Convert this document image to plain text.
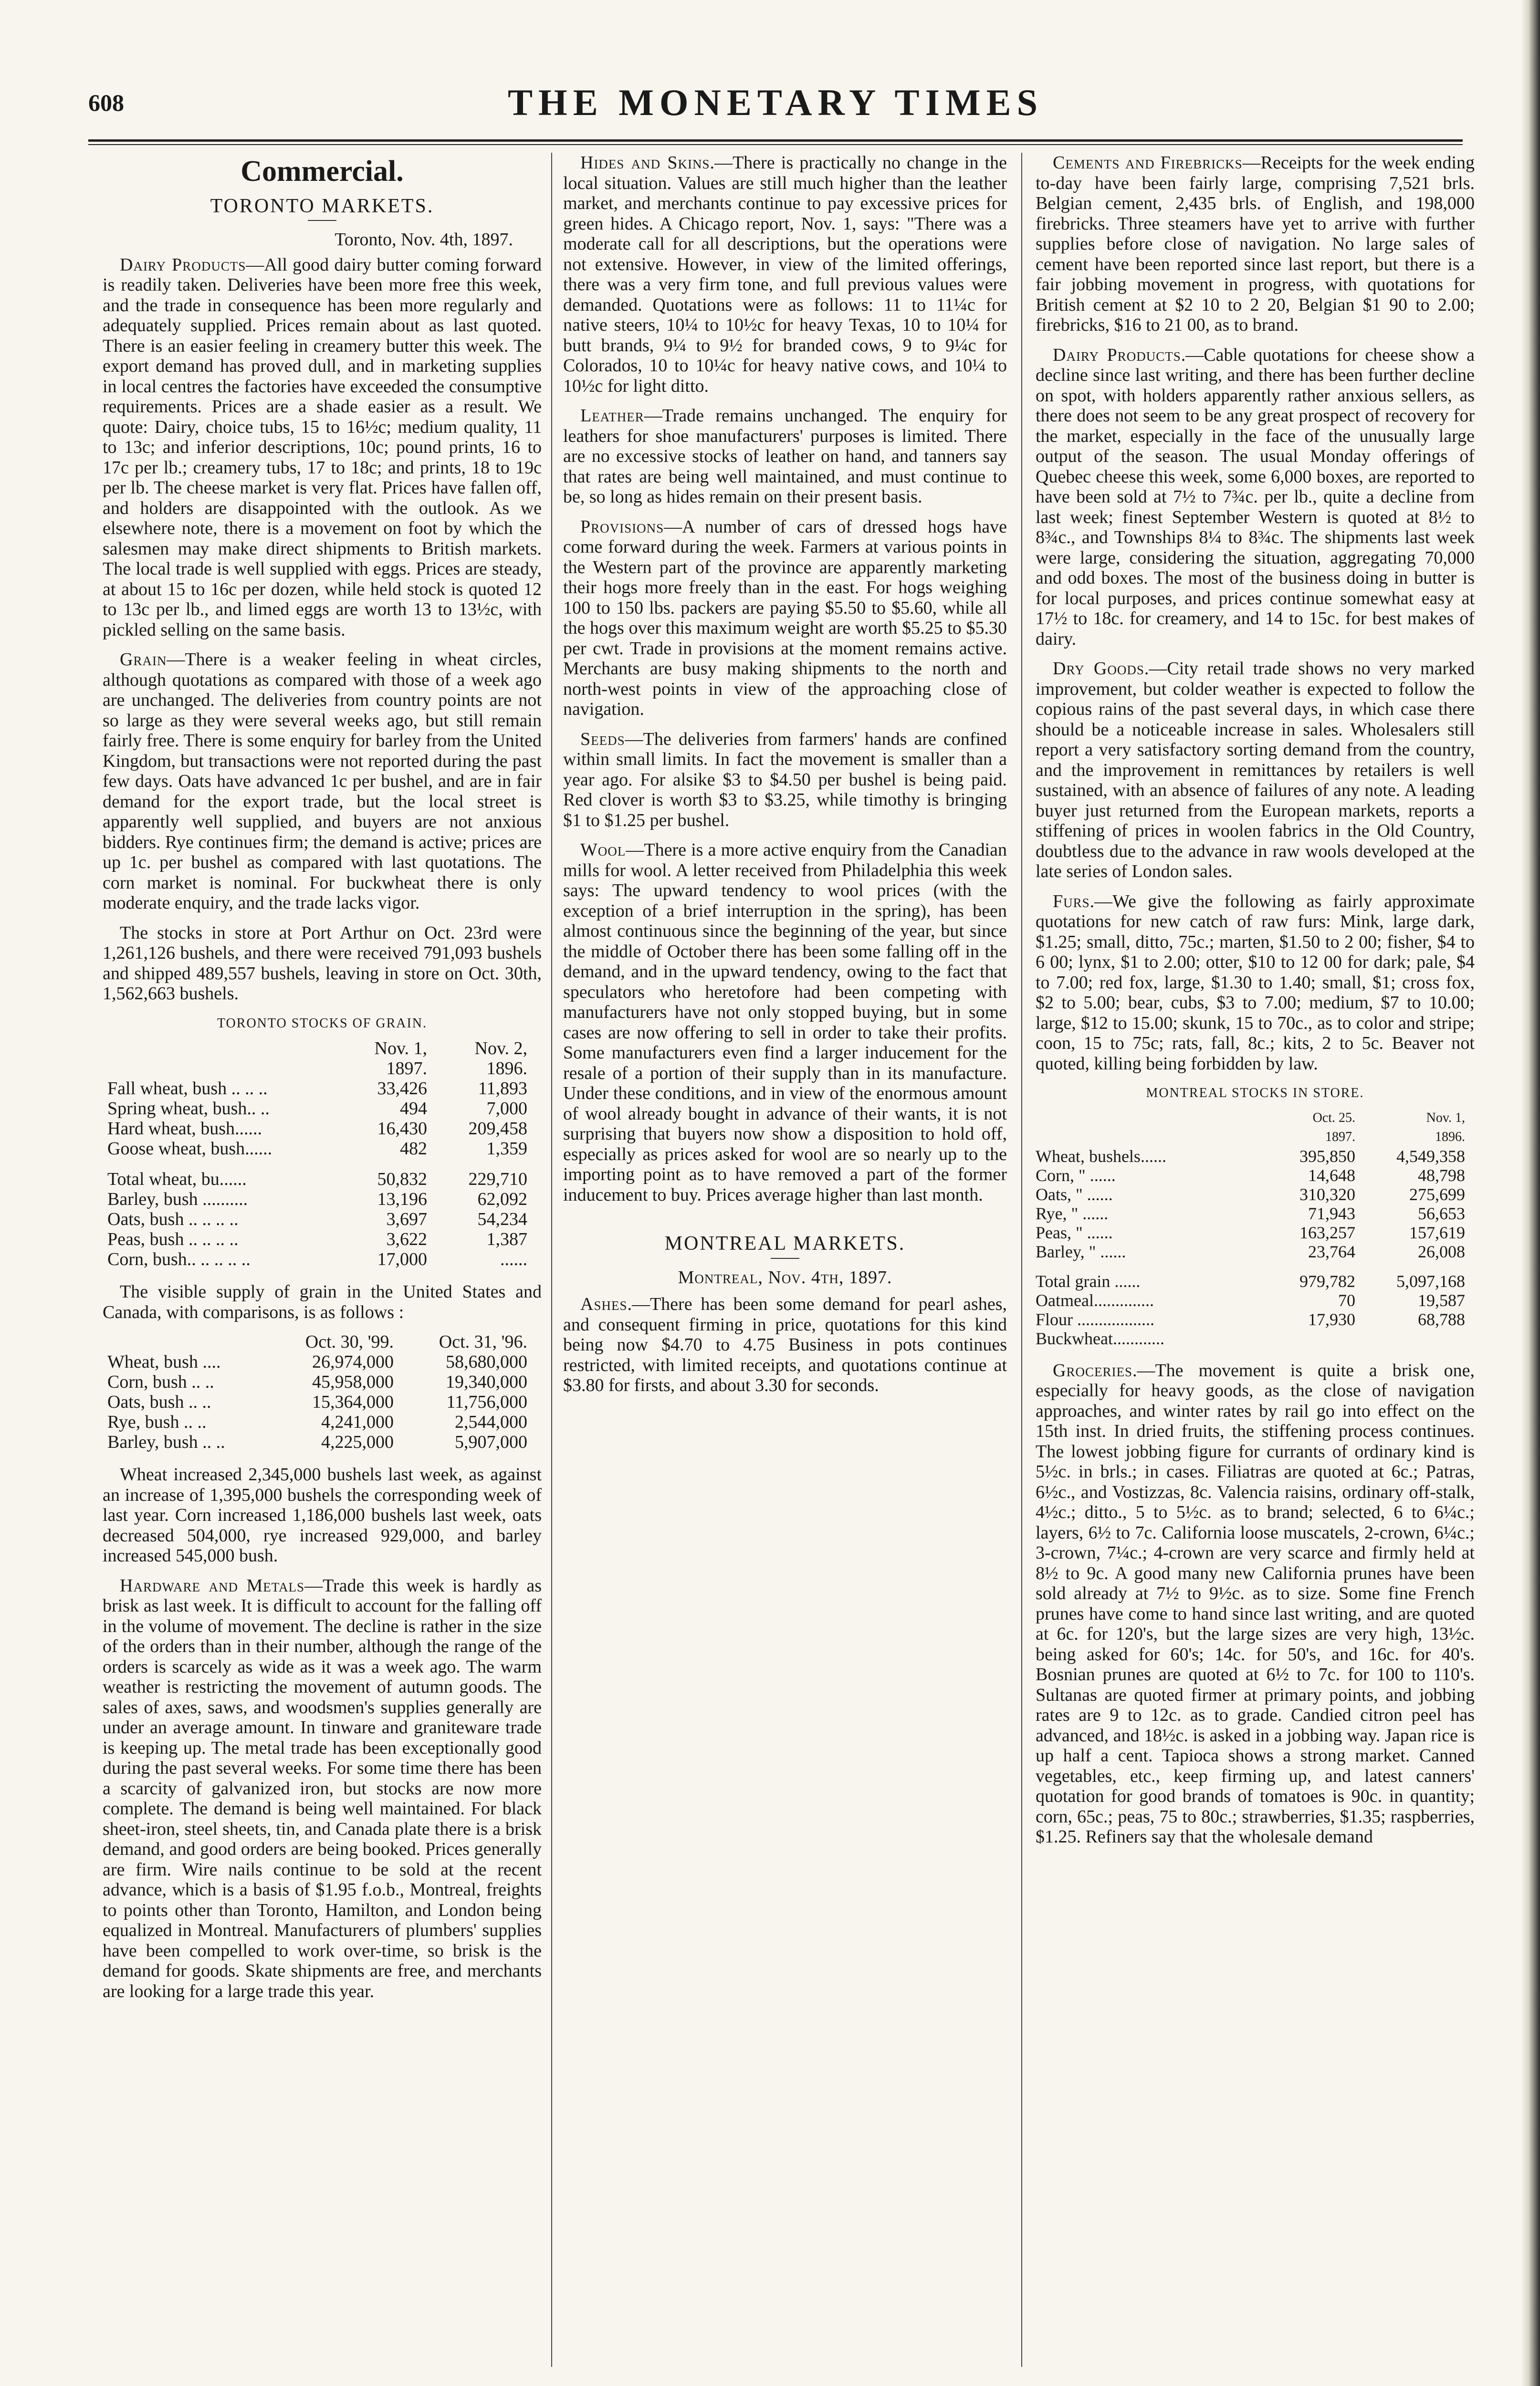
608	THE MONETARY TIMES
Commercial.
TORONTO MARKETS.
Toronto, Nov. 4th, 1897.

Dairy Products—All good dairy butter coming forward is readily taken. Deliveries have been more free this week, and the trade in consequence has been more regularly and adequately supplied. Prices remain about as last quoted. There is an easier feeling in creamery butter this week. The export demand has proved dull, and in marketing supplies in local centres the factories have exceeded the consumptive requirements. Prices are a shade easier as a result. We quote: Dairy, choice tubs, 15 to 16½c; medium quality, 11 to 13c; and inferior descriptions, 10c; pound prints, 16 to 17c per lb.; creamery tubs, 17 to 18c; and prints, 18 to 19c per lb. The cheese market is very flat. Prices have fallen off, and holders are disappointed with the outlook. As we elsewhere note, there is a movement on foot by which the salesmen may make direct shipments to British markets. The local trade is well supplied with eggs. Prices are steady, at about 15 to 16c per dozen, while held stock is quoted 12 to 13c per lb., and limed eggs are worth 13 to 13½c, with pickled selling on the same basis.

Grain—There is a weaker feeling in wheat circles, although quotations as compared with those of a week ago are unchanged. The deliveries from country points are not so large as they were several weeks ago, but still remain fairly free. There is some enquiry for barley from the United Kingdom, but transactions were not reported during the past few days. Oats have advanced 1c per bushel, and are in fair demand for the export trade, but the local street is apparently well supplied, and buyers are not anxious bidders. Rye continues firm; the demand is active; prices are up 1c. per bushel as compared with last quotations. The corn market is nominal. For buckwheat there is only moderate enquiry, and the trade lacks vigor.

The stocks in store at Port Arthur on Oct. 23rd were 1,261,126 bushels, and there were received 791,093 bushels and shipped 489,557 bushels, leaving in store on Oct. 30th, 1,562,663 bushels.

TORONTO STOCKS OF GRAIN.
	Nov. 1,	Nov. 2,
	1897.	1896.
Fall wheat, bush .. .. ..	33,426	11,893
Spring wheat, bush.. ..	494	7,000
Hard wheat, bush......	16,430	209,458
Goose wheat, bush......	482	1,359
Total wheat, bu......	50,832	229,710
Barley, bush ..........	13,196	62,092
Oats, bush .. .. .. ..	3,697	54,234
Peas, bush .. .. .. ..	3,622	1,387
Corn, bush.. .. .. .. ..	17,000	......

The visible supply of grain in the United States and Canada, with comparisons, is as follows :

	Oct. 30, '99.	Oct. 31, '96.
Wheat, bush ....	26,974,000	58,680,000
Corn, bush .. ..	45,958,000	19,340,000
Oats, bush .. ..	15,364,000	11,756,000
Rye, bush .. ..	4,241,000	2,544,000
Barley, bush .. ..	4,225,000	5,907,000

Wheat increased 2,345,000 bushels last week, as against an increase of 1,395,000 bushels the corresponding week of last year. Corn increased 1,186,000 bushels last week, oats decreased 504,000, rye increased 929,000, and barley increased 545,000 bush.

Hardware and Metals—Trade this week is hardly as brisk as last week. It is difficult to account for the falling off in the volume of movement. The decline is rather in the size of the orders than in their number, although the range of the orders is scarcely as wide as it was a week ago. The warm weather is restricting the movement of autumn goods. The sales of axes, saws, and woodsmen's supplies generally are under an average amount. In tinware and graniteware trade is keeping up. The metal trade has been exceptionally good during the past several weeks. For some time there has been a scarcity of galvanized iron, but stocks are now more complete. The demand is being well maintained. For black sheet-iron, steel sheets, tin, and Canada plate there is a brisk demand, and good orders are being booked. Prices generally are firm. Wire nails continue to be sold at the recent advance, which is a basis of $1.95 f.o.b., Montreal, freights to points other than Toronto, Hamilton, and London being equalized in Montreal. Manufacturers of plumbers' supplies have been compelled to work over-time, so brisk is the demand for goods. Skate shipments are free, and merchants are looking for a large trade this year.

Hides and Skins.—There is practically no change in the local situation. Values are still much higher than the leather market, and merchants continue to pay excessive prices for green hides. A Chicago report, Nov. 1, says: "There was a moderate call for all descriptions, but the operations were not extensive. However, in view of the limited offerings, there was a very firm tone, and full previous values were demanded. Quotations were as follows: 11 to 11¼c for native steers, 10¼ to 10½c for heavy Texas, 10 to 10¼ for butt brands, 9¼ to 9½ for branded cows, 9 to 9¼c for Colorados, 10 to 10¼c for heavy native cows, and 10¼ to 10½c for light ditto.

Leather—Trade remains unchanged. The enquiry for leathers for shoe manufacturers' purposes is limited. There are no excessive stocks of leather on hand, and tanners say that rates are being well maintained, and must continue to be, so long as hides remain on their present basis.

Provisions—A number of cars of dressed hogs have come forward during the week. Farmers at various points in the Western part of the province are apparently marketing their hogs more freely than in the east. For hogs weighing 100 to 150 lbs. packers are paying $5.50 to $5.60, while all the hogs over this maximum weight are worth $5.25 to $5.30 per cwt. Trade in provisions at the moment remains active. Merchants are busy making shipments to the north and north-west points in view of the approaching close of navigation.

Seeds—The deliveries from farmers' hands are confined within small limits. In fact the movement is smaller than a year ago. For alsike $3 to $4.50 per bushel is being paid. Red clover is worth $3 to $3.25, while timothy is bringing $1 to $1.25 per bushel.

Wool—There is a more active enquiry from the Canadian mills for wool. A letter received from Philadelphia this week says: The upward tendency to wool prices (with the exception of a brief interruption in the spring), has been almost continuous since the beginning of the year, but since the middle of October there has been some falling off in the demand, and in the upward tendency, owing to the fact that speculators who heretofore had been competing with manufacturers have not only stopped buying, but in some cases are now offering to sell in order to take their profits. Some manufacturers even find a larger inducement for the resale of a portion of their supply than in its manufacture. Under these conditions, and in view of the enormous amount of wool already bought in advance of their wants, it is not surprising that buyers now show a disposition to hold off, especially as prices asked for wool are so nearly up to the importing point as to have removed a part of the former inducement to buy. Prices average higher than last month.

MONTREAL MARKETS.
Montreal, Nov. 4th, 1897.

Ashes.—There has been some demand for pearl ashes, and consequent firming in price, quotations for this kind being now $4.70 to 4.75 Business in pots continues restricted, with limited receipts, and quotations continue at $3.80 for firsts, and about 3.30 for seconds.

Cements and Firebricks—Receipts for the week ending to-day have been fairly large, comprising 7,521 brls. Belgian cement, 2,435 brls. of English, and 198,000 firebricks. Three steamers have yet to arrive with further supplies before close of navigation. No large sales of cement have been reported since last report, but there is a fair jobbing movement in progress, with quotations for British cement at $2 10 to 2 20, Belgian $1 90 to 2.00; firebricks, $16 to 21 00, as to brand.

Dairy Products.—Cable quotations for cheese show a decline since last writing, and there has been further decline on spot, with holders apparently rather anxious sellers, as there does not seem to be any great prospect of recovery for the market, especially in the face of the unusually large output of the season. The usual Monday offerings of Quebec cheese this week, some 6,000 boxes, are reported to have been sold at 7½ to 7¾c. per lb., quite a decline from last week; finest September Western is quoted at 8½ to 8¾c., and Townships 8¼ to 8¾c. The shipments last week were large, considering the situation, aggregating 70,000 and odd boxes. The most of the business doing in butter is for local purposes, and prices continue somewhat easy at 17½ to 18c. for creamery, and 14 to 15c. for best makes of dairy.

Dry Goods.—City retail trade shows no very marked improvement, but colder weather is expected to follow the copious rains of the past several days, in which case there should be a noticeable increase in sales. Wholesalers still report a very satisfactory sorting demand from the country, and the improvement in remittances by retailers is well sustained, with an absence of failures of any note. A leading buyer just returned from the European markets, reports a stiffening of prices in woolen fabrics in the Old Country, doubtless due to the advance in raw wools developed at the late series of London sales.

Furs.—We give the following as fairly approximate quotations for new catch of raw furs: Mink, large dark, $1.25; small, ditto, 75c.; marten, $1.50 to 2 00; fisher, $4 to 6 00; lynx, $1 to 2.00; otter, $10 to 12 00 for dark; pale, $4 to 7.00; red fox, large, $1.30 to 1.40; small, $1; cross fox, $2 to 5.00; bear, cubs, $3 to 7.00; medium, $7 to 10.00; large, $12 to 15.00; skunk, 15 to 70c., as to color and stripe; coon, 15 to 75c; rats, fall, 8c.; kits, 2 to 5c. Beaver not quoted, killing being forbidden by law.

MONTREAL STOCKS IN STORE.
	Oct. 25.	Nov. 1,
	1897.	1896.
Wheat, bushels......	395,850	4,549,358
Corn, " ......	14,648	48,798
Oats, " ......	310,320	275,699
Rye, " ......	71,943	56,653
Peas, " ......	163,257	157,619
Barley, " ......	23,764	26,008
Total grain ......	979,782	5,097,168
Oatmeal..............	70	19,587
Flour ..................	17,930	68,788
Buckwheat............		

Groceries.—The movement is quite a brisk one, especially for heavy goods, as the close of navigation approaches, and winter rates by rail go into effect on the 15th inst. In dried fruits, the stiffening process continues. The lowest jobbing figure for currants of ordinary kind is 5½c. in brls.; in cases. Filiatras are quoted at 6c.; Patras, 6½c., and Vostizzas, 8c. Valencia raisins, ordinary off-stalk, 4½c.; ditto., 5 to 5½c. as to brand; selected, 6 to 6¼c.; layers, 6½ to 7c. California loose muscatels, 2-crown, 6¼c.; 3-crown, 7¼c.; 4-crown are very scarce and firmly held at 8½ to 9c. A good many new California prunes have been sold already at 7½ to 9½c. as to size. Some fine French prunes have come to hand since last writing, and are quoted at 6c. for 120's, but the large sizes are very high, 13½c. being asked for 60's; 14c. for 50's, and 16c. for 40's. Bosnian prunes are quoted at 6½ to 7c. for 100 to 110's. Sultanas are quoted firmer at primary points, and jobbing rates are 9 to 12c. as to grade. Candied citron peel has advanced, and 18½c. is asked in a jobbing way. Japan rice is up half a cent. Tapioca shows a strong market. Canned vegetables, etc., keep firming up, and latest canners' quotation for good brands of tomatoes is 90c. in quantity; corn, 65c.; peas, 75 to 80c.; strawberries, $1.35; raspberries, $1.25. Refiners say that the wholesale demand
